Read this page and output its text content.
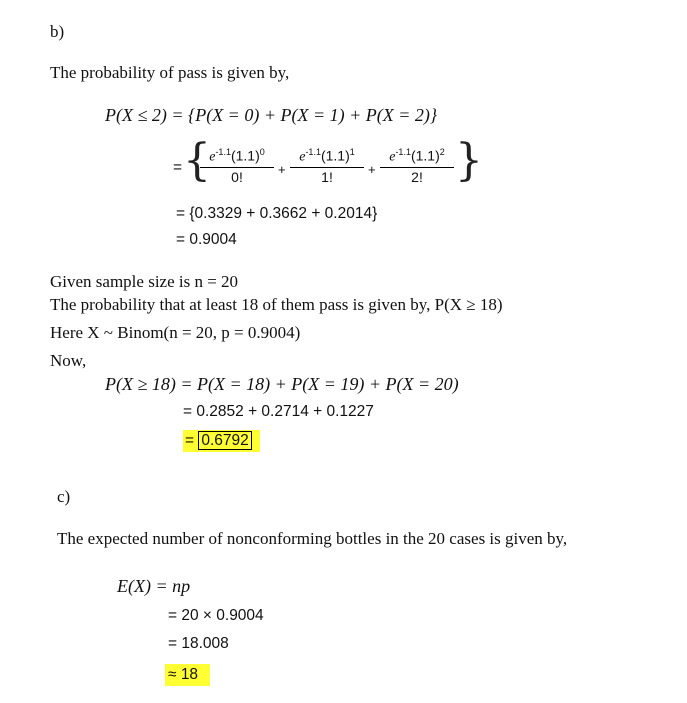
b)
The probability of pass is given by,
P(X ≤ 2) = {P(X = 0) + P(X = 1) + P(X = 2)}
= {
$\frac{e^{-1.1}(1.1)^0}{0!} + \frac{e^{-1.1}(1.1)^1}{1!} + \frac{e^{-1.1}(1.1)^2}{2!}$ }
= {0.3329 + 0.3662 + 0.2014}
= 0.9004
Given sample size is n = 20
The probability that at least 18 of them pass is given by, P(X ≥ 18)
Here X ~ Binom(n = 20, p = 0.9004)
Now,
P(X ≥ 18) = P(X = 18) + P(X = 19) + P(X = 20)
= 0.2852 + 0.2714 + 0.1227
= 0.6792
c)
The expected number of nonconforming bottles in the 20 cases is given by,
E(X) = np
= 20 × 0.9004
= 18.008
≈ 18
